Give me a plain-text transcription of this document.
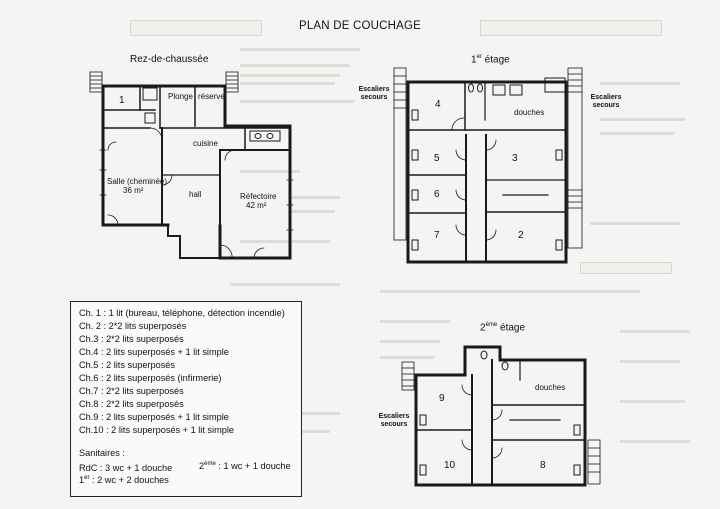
PLAN DE COUCHAGE
Rez-de-chaussée
1	Plonge réserve
cuisine
Salle (cheminée)
36 m²	hall	Réfectoire
42 m²
1er étage
Escaliers secours	Escaliers secours
4
douches
5	3
6
7	2
2ème étage
Escaliers secours
9
douches
10	8
Ch. 1 : 1 lit (bureau, téléphone, détection incendie)
Ch. 2 : 2*2 lits superposés
Ch.3 : 2*2 lits superposés
Ch.4 : 2 lits superposés + 1 lit simple
Ch.5 : 2 lits superposés
Ch.6 : 2 lits superposés (infirmerie)
Ch.7 : 2*2 lits superposés
Ch.8 : 2*2 lits superposés
Ch.9 : 2 lits superposés + 1 lit simple
Ch.10 : 2 lits superposés + 1 lit simple
Sanitaires :
RdC : 3 wc + 1 douche	2ème : 1 wc + 1 douche
1er : 2 wc + 2 douches
